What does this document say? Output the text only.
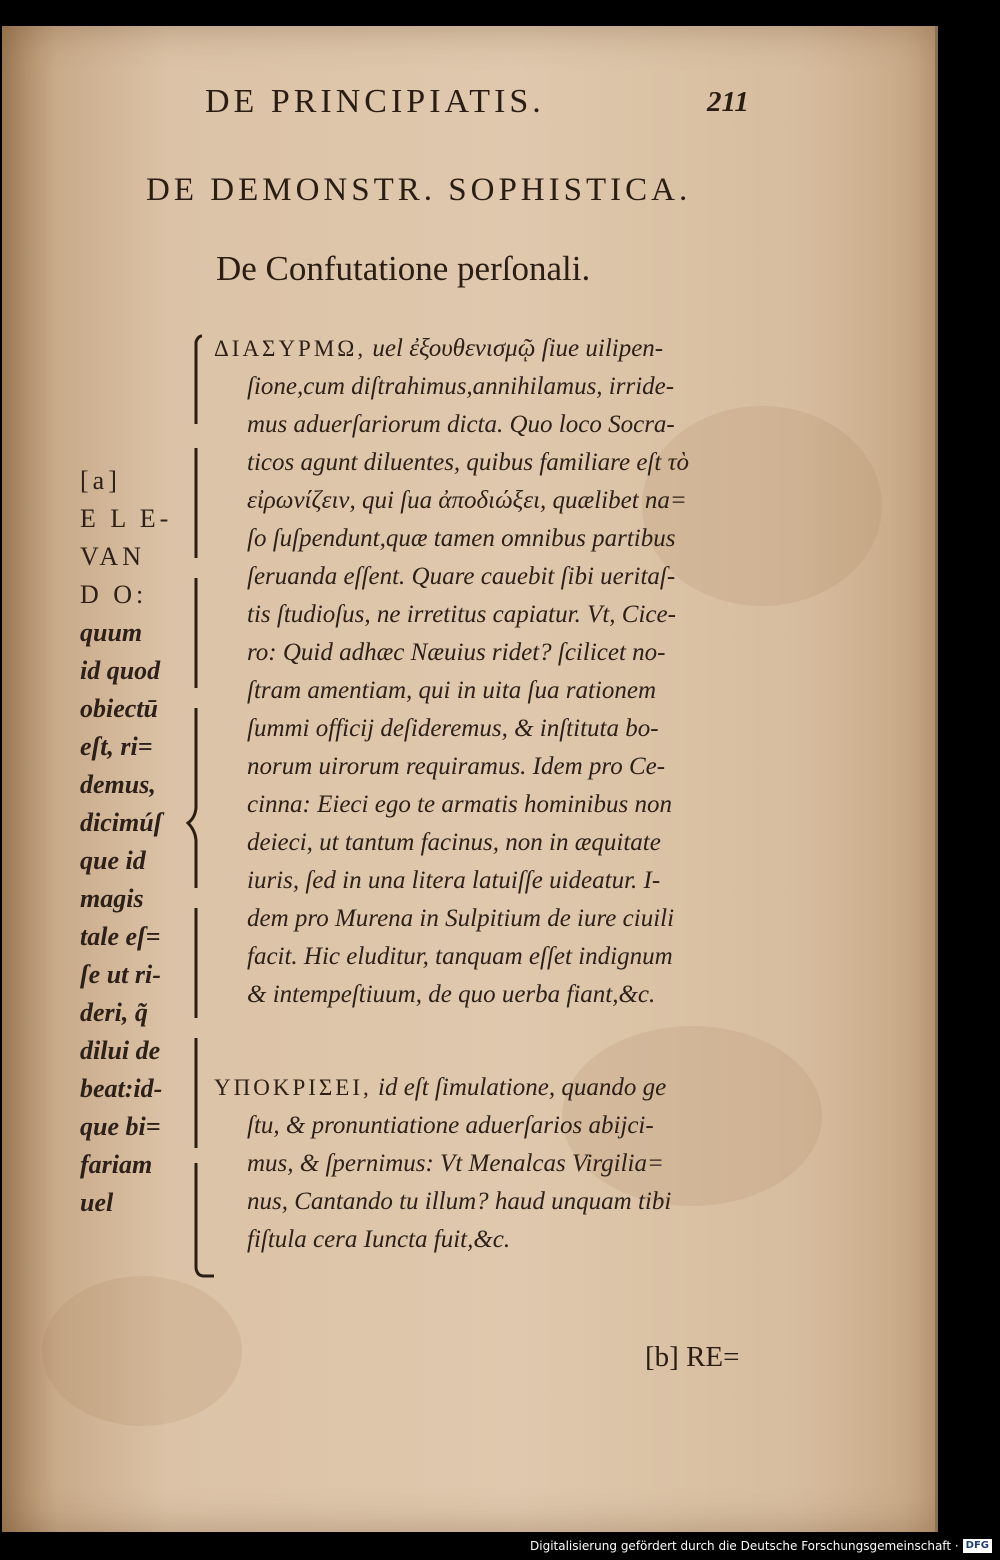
DE PRINCIPIATIS.	211
DE DEMONSTR. SOPHISTICA.
De Confutatione perſonali.
ΔΙΑΣΥΡΜΩ, uel ἐξουθενισμῷ ſiue uilipen-
ſione,cum diſtrahimus,annihilamus, irride-
mus aduerſariorum dicta. Quo loco Socra-
ticos agunt diluentes, quibus familiare eſt τὸ
εἰρωνίζειν, qui ſua ἀποδιώξει, quælibet na=
ſo ſuſpendunt,quæ tamen omnibus partibus
ſeruanda eſſent. Quare cauebit ſibi ueritaſ-
tis ſtudioſus, ne irretitus capiatur. Vt, Cice-
ro: Quid adhæc Næuius ridet? ſcilicet no-
ſtram amentiam, qui in uita ſua rationem
ſummi officij deſideremus, & inſtituta bo-
norum uirorum requiramus. Idem pro Ce-
cinna: Eieci ego te armatis hominibus non
deieci, ut tantum facinus, non in æquitate
iuris, ſed in una litera latuiſſe uideatur. I-
dem pro Murena in Sulpitium de iure ciuili
facit. Hic eluditur, tanquam eſſet indignum
& intempeſtiuum, de quo uerba fiant,&c.
ΥΠΟΚΡΙΣΕΙ, id eſt ſimulatione, quando ge
ſtu, & pronuntiatione aduerſarios abijci-
mus, & ſpernimus: Vt Menalcas Virgilia=
nus, Cantando tu illum? haud unquam tibi
fiſtula cera Iuncta fuit,&c.
[a]
E L E-
VAN
D O:
quum
id quod
obiectū
eſt, ri=
demus,
dicimúſ
que id
magis
tale eſ=
ſe ut ri-
deri, q̃
dilui de
beat:id-
que bi=
fariam
uel
[b] RE=
Digitalisierung gefördert durch die Deutsche Forschungsgemeinschaft · DFG
